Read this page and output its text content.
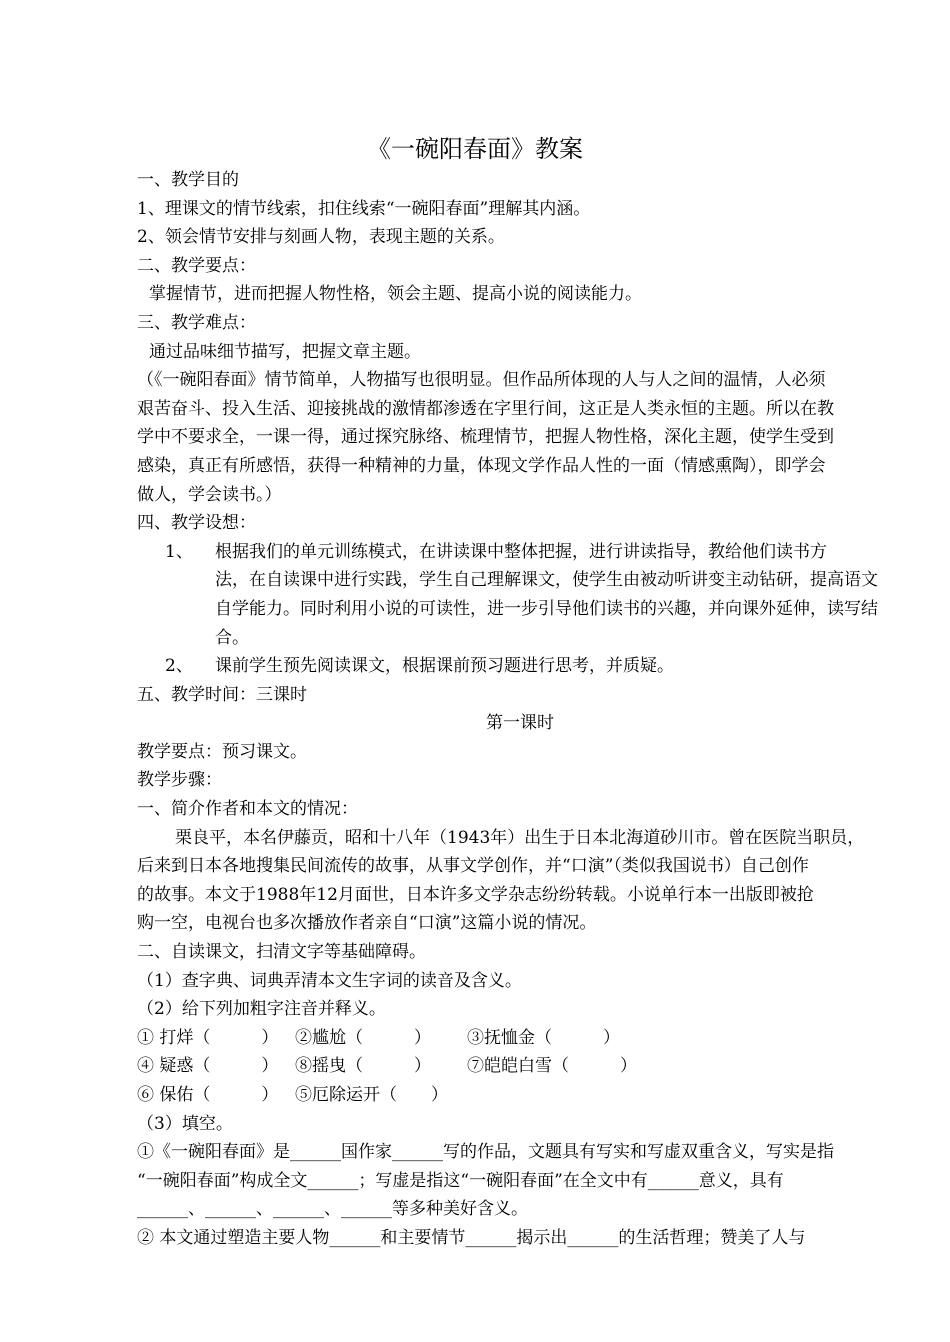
《一碗阳春面》教案
一、教学目的
1、理课文的情节线索，扣住线索“一碗阳春面”理解其内涵。
2、领会情节安排与刻画人物，表现主题的关系。
二、教学要点：
掌握情节，进而把握人物性格，领会主题、提高小说的阅读能力。
三、教学难点：
通过品味细节描写，把握文章主题。
（《一碗阳春面》情节简单，人物描写也很明显。但作品所体现的人与人之间的温情，人必须
艰苦奋斗、投入生活、迎接挑战的激情都渗透在字里行间，这正是人类永恒的主题。所以在教
学中不要求全，一课一得，通过探究脉络、梳理情节，把握人物性格，深化主题，使学生受到
感染，真正有所感悟，获得一种精神的力量，体现文学作品人性的一面（情感熏陶），即学会
做人，学会读书。）
四、教学设想：
1、 根据我们的单元训练模式，在讲读课中整体把握，进行讲读指导，教给他们读书方
法，在自读课中进行实践，学生自己理解课文，使学生由被动听讲变主动钻研，提高语文
自学能力。同时利用小说的可读性，进一步引导他们读书的兴趣，并向课外延伸，读写结
合。
2、 课前学生预先阅读课文，根据课前预习题进行思考，并质疑。
五、教学时间：三课时
第一课时
教学要点：预习课文。
教学步骤：
一、简介作者和本文的情况：
栗良平，本名伊藤贡，昭和十八年（1943年）出生于日本北海道砂川市。曾在医院当职员，
后来到日本各地搜集民间流传的故事，从事文学创作，并“口演”（类似我国说书）自己创作
的故事。本文于1988年12月面世，日本许多文学杂志纷纷转载。小说单行本一出版即被抢
购一空，电视台也多次播放作者亲自“口演”这篇小说的情况。
二、自读课文，扫清文字等基础障碍。
（1）查字典、词典弄清本文生字词的读音及含义。
（2）给下列加粗字注音并释义。
① 打烊（　　　） ②尴尬（　　　） ③抚恤金（　　　）
④ 疑惑（　　　） ⑧摇曳（　　　） ⑦皑皑白雪（　　　）
⑥ 保佑（　　　） ⑤厄除运开（　　）
（3）填空。
①《一碗阳春面》是______国作家______写的作品，文题具有写实和写虚双重含义，写实是指
“一碗阳春面”构成全文______；写虚是指这“一碗阳春面”在全文中有______意义，具有
______、______、______、______等多种美好含义。
② 本文通过塑造主要人物______和主要情节______揭示出______的生活哲理；赞美了人与
